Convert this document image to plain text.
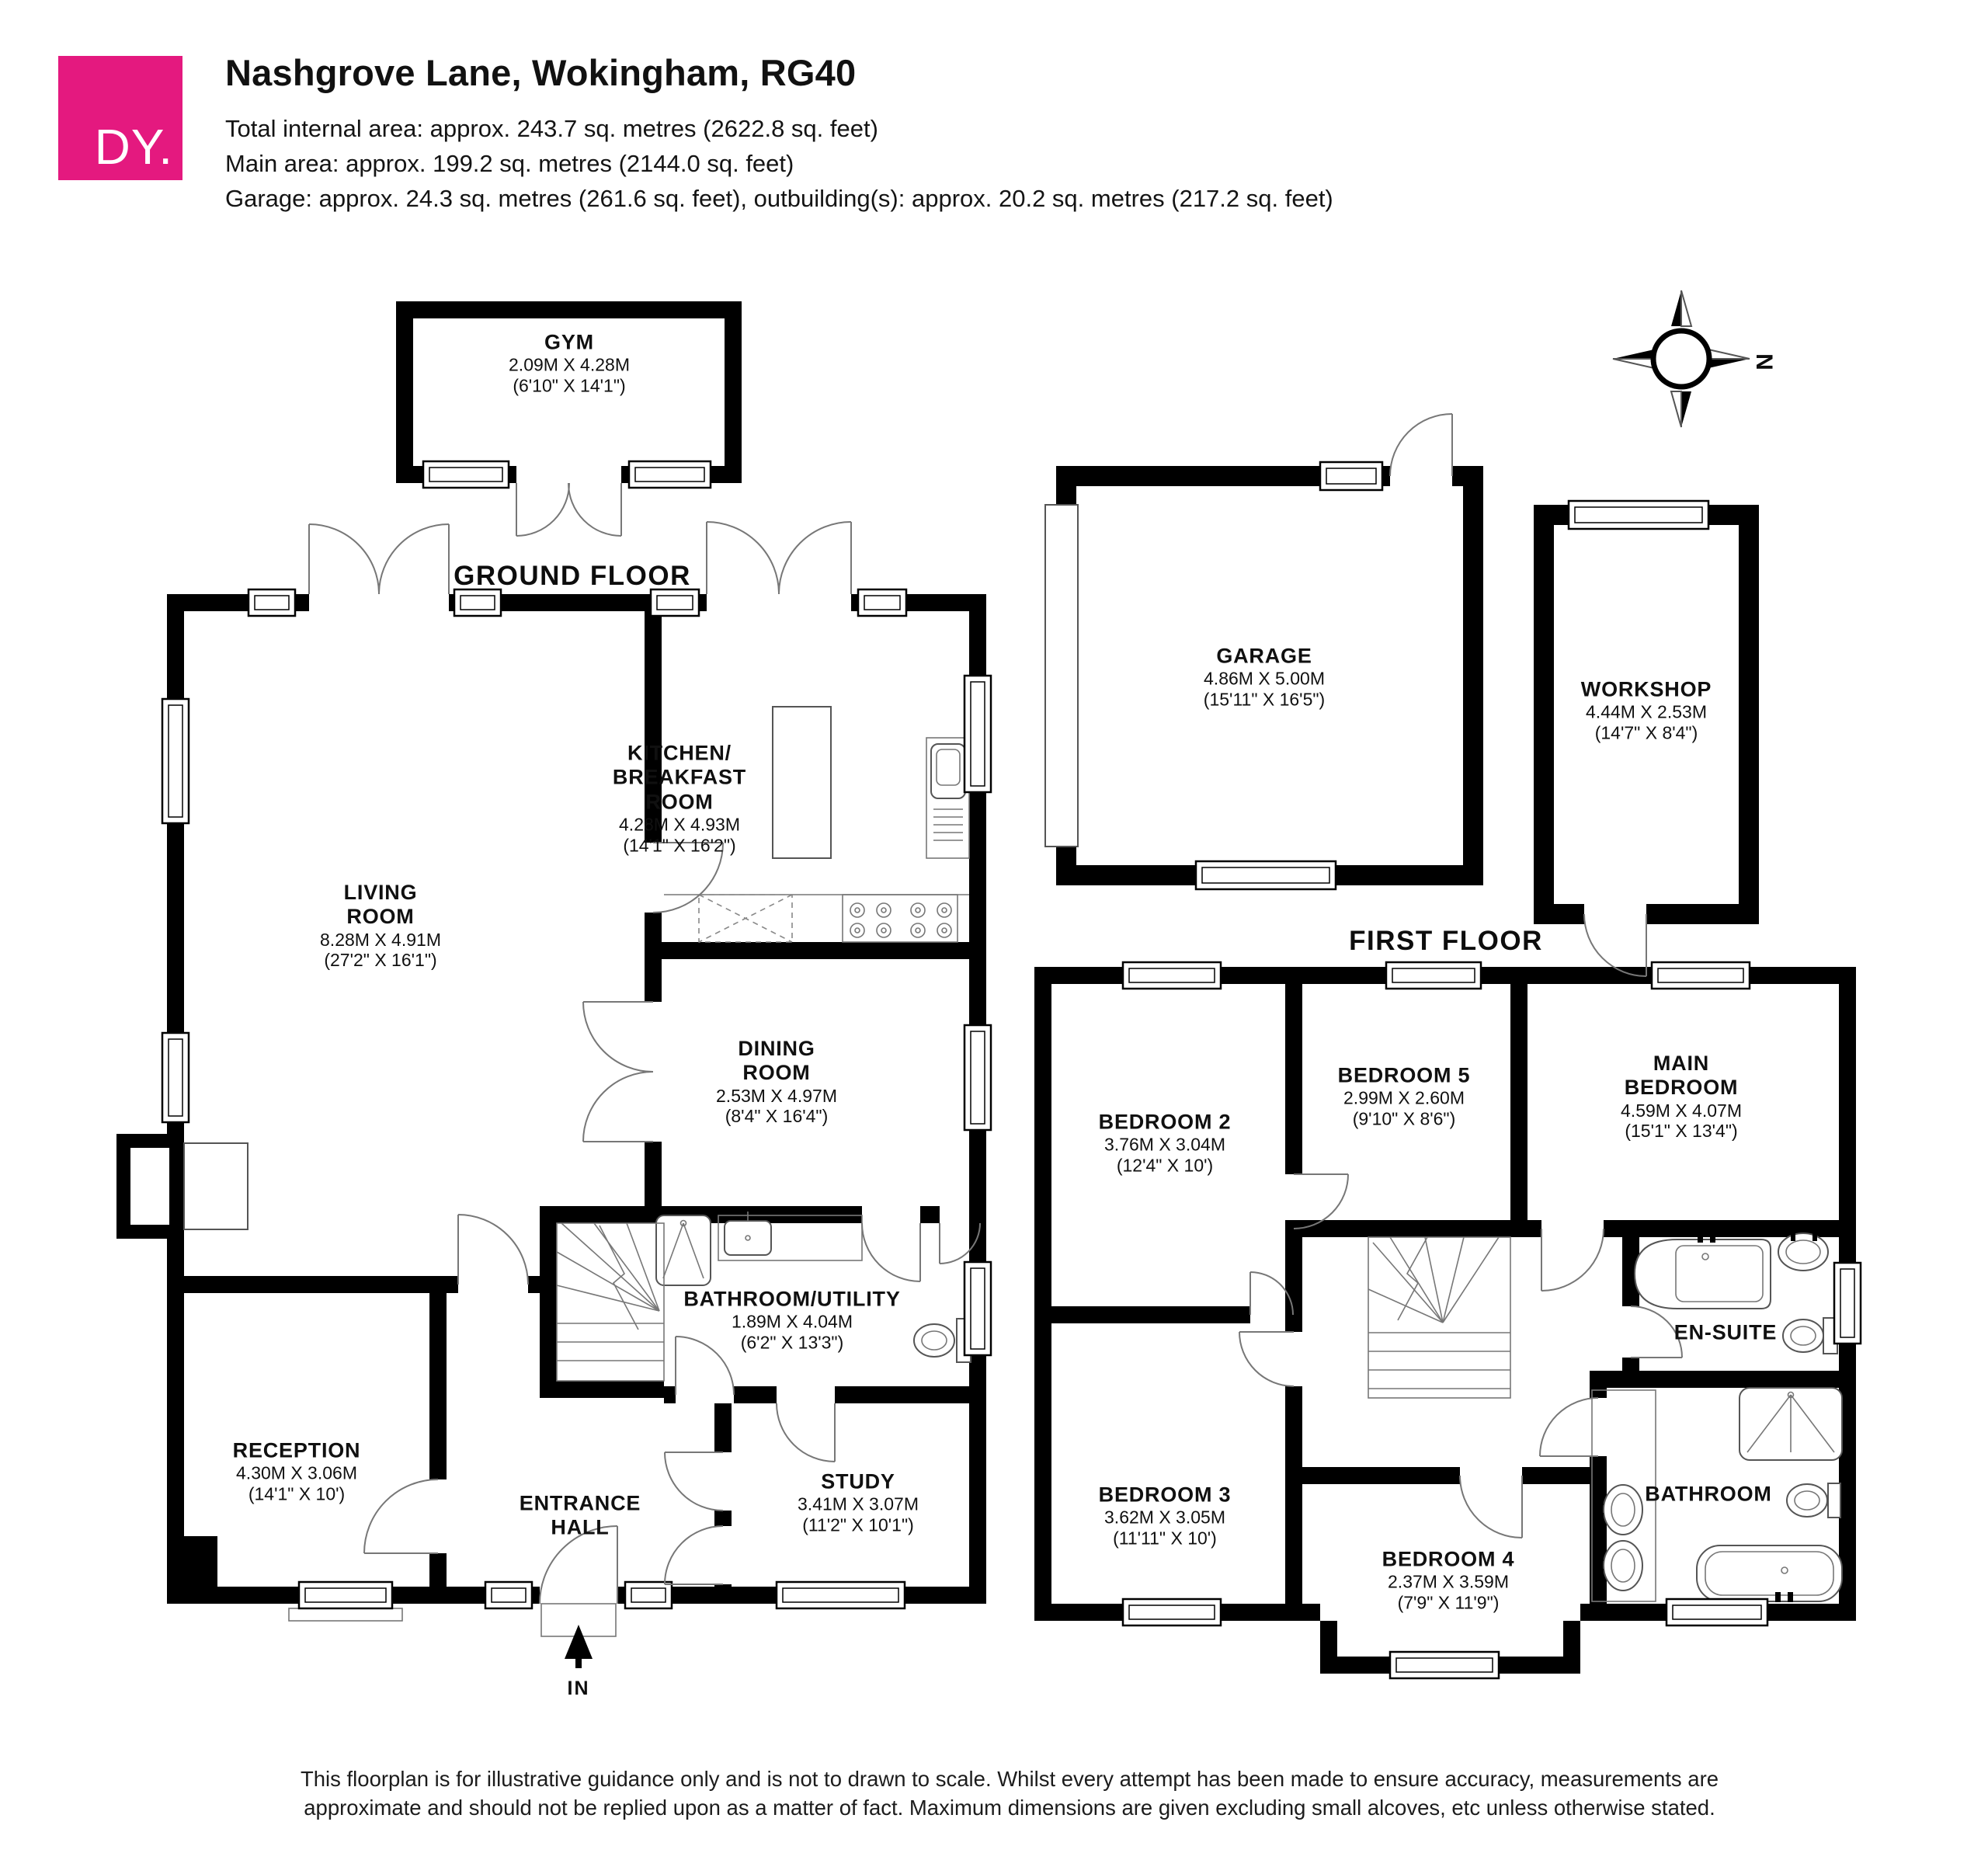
DY.
Nashgrove Lane, Wokingham, RG40
Total internal area: approx. 243.7 sq. metres (2622.8 sq. feet)
Main area: approx. 199.2 sq. metres (2144.0 sq. feet)
Garage: approx. 24.3 sq. metres (261.6 sq. feet), outbuilding(s): approx. 20.2 sq. metres (217.2 sq. feet)
N
IN
GROUND FLOOR
FIRST FLOOR
GYM
2.09M X 4.28M
(6'10" X 14'1")
LIVING
ROOM
8.28M X 4.91M
(27'2" X 16'1")
KITCHEN/
BREAKFAST
ROOM
4.28M X 4.93M
(14'1" X 16'2")
DINING
ROOM
2.53M X 4.97M
(8'4" X 16'4")
BATHROOM/UTILITY
1.89M X 4.04M
(6'2" X 13'3")
RECEPTION
4.30M X 3.06M
(14'1" X 10')	ENTRANCE
HALL
STUDY
3.41M X 3.07M
(11'2" X 10'1")
GARAGE
4.86M X 5.00M
(15'11" X 16'5")	WORKSHOP
4.44M X 2.53M
(14'7" X 8'4")
BEDROOM 2
3.76M X 3.04M
(12'4" X 10')
BEDROOM 5
2.99M X 2.60M
(9'10" X 8'6")
MAIN
BEDROOM
4.59M X 4.07M
(15'1" X 13'4")
BEDROOM 3
3.62M X 3.05M
(11'11" X 10')
BEDROOM 4
2.37M X 3.59M
(7'9" X 11'9")
EN-SUITE
BATHROOM
This floorplan is for illustrative guidance only and is not to drawn to scale. Whilst every attempt has been made to ensure accuracy, measurements are
approximate and should not be replied upon as a matter of fact. Maximum dimensions are given excluding small alcoves, etc unless otherwise stated.
